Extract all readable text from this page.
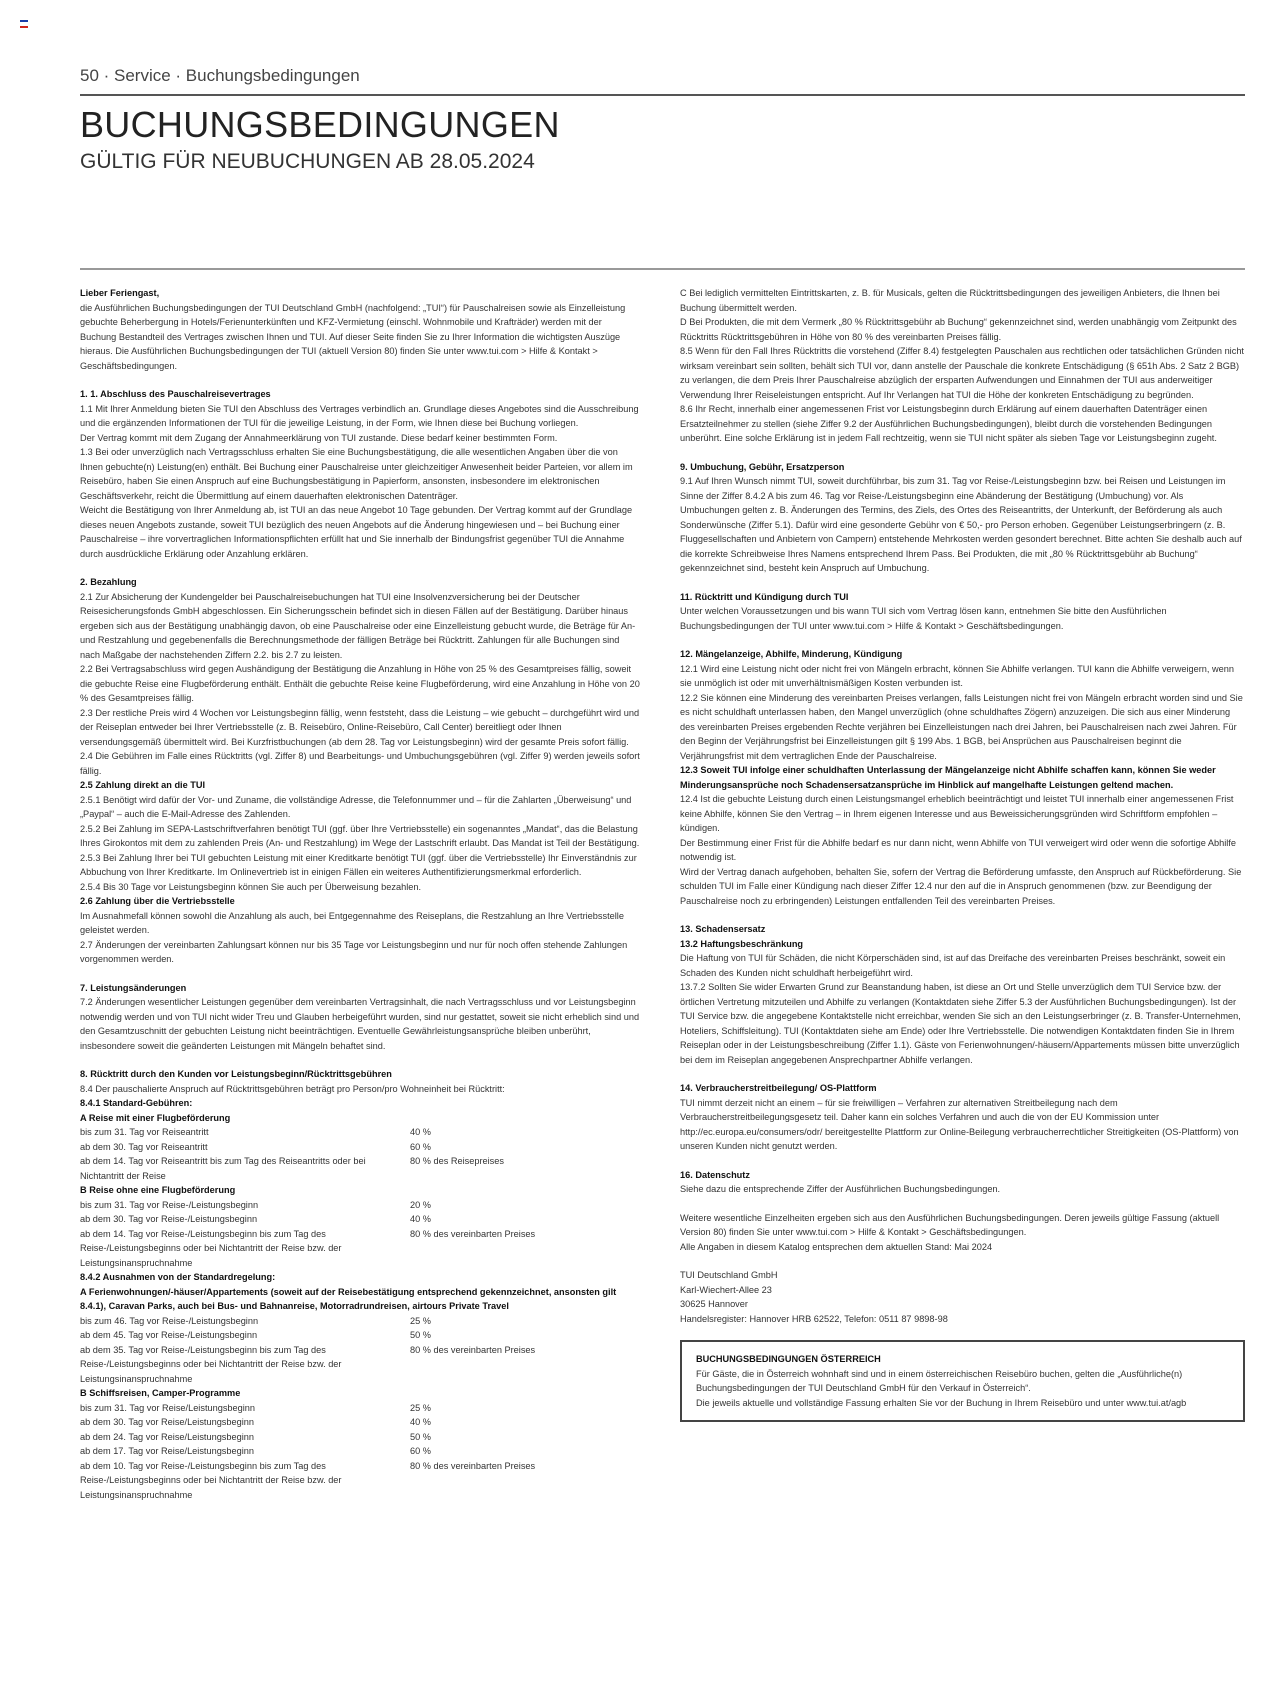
50 · Service · Buchungsbedingungen
BUCHUNGSBEDINGUNGEN
GÜLTIG FÜR NEUBUCHUNGEN AB 28.05.2024

Lieber Feriengast,

die Ausführlichen Buchungsbedingungen der TUI Deutschland GmbH (nachfolgend: „TUI“) für Pauschalreisen sowie als Einzelleistung gebuchte Beherbergung in Hotels/Ferienunterkünften und KFZ-Vermietung (einschl. Wohnmobile und Krafträder) werden mit der Buchung Bestandteil des Vertrages zwischen Ihnen und TUI. Auf dieser Seite finden Sie zu Ihrer Information die wichtigsten Auszüge hieraus. Die Ausführlichen Buchungsbedingungen der TUI (aktuell Version 80) finden Sie unter www.tui.com > Hilfe & Kontakt > Geschäftsbedingungen.

1. 1. Abschluss des Pauschalreisevertrages

1.1 Mit Ihrer Anmeldung bieten Sie TUI den Abschluss des Vertrages verbindlich an. Grundlage dieses Angebotes sind die Ausschreibung und die ergänzenden Informationen der TUI für die jeweilige Leistung, in der Form, wie Ihnen diese bei Buchung vorliegen.

Der Vertrag kommt mit dem Zugang der Annahmeerklärung von TUI zustande. Diese bedarf keiner bestimmten Form.

1.3 Bei oder unverzüglich nach Vertragsschluss erhalten Sie eine Buchungsbestätigung, die alle wesentlichen Angaben über die von Ihnen gebuchte(n) Leistung(en) enthält. Bei Buchung einer Pauschalreise unter gleichzeitiger Anwesenheit beider Parteien, vor allem im Reisebüro, haben Sie einen Anspruch auf eine Buchungsbestätigung in Papierform, ansonsten, insbesondere im elektronischen Geschäftsverkehr, reicht die Übermittlung auf einem dauerhaften elektronischen Datenträger.

Weicht die Bestätigung von Ihrer Anmeldung ab, ist TUI an das neue Angebot 10 Tage gebunden. Der Vertrag kommt auf der Grundlage dieses neuen Angebots zustande, soweit TUI bezüglich des neuen Angebots auf die Änderung hingewiesen und – bei Buchung einer Pauschalreise – ihre vorvertraglichen Informationspflichten erfüllt hat und Sie innerhalb der Bindungsfrist gegenüber TUI die Annahme durch ausdrückliche Erklärung oder Anzahlung erklären.

2. Bezahlung

2.1 Zur Absicherung der Kundengelder bei Pauschalreisebuchungen hat TUI eine Insolvenzversicherung bei der Deutscher Reisesicherungsfonds GmbH abgeschlossen. Ein Sicherungsschein befindet sich in diesen Fällen auf der Bestätigung. Darüber hinaus ergeben sich aus der Bestätigung unabhängig davon, ob eine Pauschalreise oder eine Einzelleistung gebucht wurde, die Beträge für An- und Restzahlung und gegebenenfalls die Berechnungsmethode der fälligen Beträge bei Rücktritt. Zahlungen für alle Buchungen sind nach Maßgabe der nachstehenden Ziffern 2.2. bis 2.7 zu leisten.

2.2 Bei Vertragsabschluss wird gegen Aushändigung der Bestätigung die Anzahlung in Höhe von 25 % des Gesamtpreises fällig, soweit die gebuchte Reise eine Flugbeförderung enthält. Enthält die gebuchte Reise keine Flugbeförderung, wird eine Anzahlung in Höhe von 20 % des Gesamtpreises fällig.

2.3 Der restliche Preis wird 4 Wochen vor Leistungsbeginn fällig, wenn feststeht, dass die Leistung – wie gebucht – durchgeführt wird und der Reiseplan entweder bei Ihrer Vertriebsstelle (z. B. Reisebüro, Online-Reisebüro, Call Center) bereitliegt oder Ihnen versendungsgemäß übermittelt wird. Bei Kurzfristbuchungen (ab dem 28. Tag vor Leistungsbeginn) wird der gesamte Preis sofort fällig.

2.4 Die Gebühren im Falle eines Rücktritts (vgl. Ziffer 8) und Bearbeitungs- und Umbuchungsgebühren (vgl. Ziffer 9) werden jeweils sofort fällig.

2.5 Zahlung direkt an die TUI

2.5.1 Benötigt wird dafür der Vor- und Zuname, die vollständige Adresse, die Telefonnummer und – für die Zahlarten „Überweisung“ und „Paypal“ – auch die E-Mail-Adresse des Zahlenden.

2.5.2 Bei Zahlung im SEPA-Lastschriftverfahren benötigt TUI (ggf. über Ihre Vertriebsstelle) ein sogenanntes „Mandat“, das die Belastung Ihres Girokontos mit dem zu zahlenden Preis (An- und Restzahlung) im Wege der Lastschrift erlaubt. Das Mandat ist Teil der Bestätigung.

2.5.3 Bei Zahlung Ihrer bei TUI gebuchten Leistung mit einer Kreditkarte benötigt TUI (ggf. über die Vertriebsstelle) Ihr Einverständnis zur Abbuchung von Ihrer Kreditkarte. Im Onlinevertrieb ist in einigen Fällen ein weiteres Authentifizierungsmerkmal erforderlich.

2.5.4 Bis 30 Tage vor Leistungsbeginn können Sie auch per Überweisung bezahlen.

2.6 Zahlung über die Vertriebsstelle

Im Ausnahmefall können sowohl die Anzahlung als auch, bei Entgegennahme des Reiseplans, die Restzahlung an Ihre Vertriebsstelle geleistet werden.

2.7 Änderungen der vereinbarten Zahlungsart können nur bis 35 Tage vor Leistungsbeginn und nur für noch offen stehende Zahlungen vorgenommen werden.

7. Leistungsänderungen

7.2 Änderungen wesentlicher Leistungen gegenüber dem vereinbarten Vertragsinhalt, die nach Vertragsschluss und vor Leistungsbeginn notwendig werden und von TUI nicht wider Treu und Glauben herbeigeführt wurden, sind nur gestattet, soweit sie nicht erheblich sind und den Gesamtzuschnitt der gebuchten Leistung nicht beeinträchtigen. Eventuelle Gewährleistungsansprüche bleiben unberührt, insbesondere soweit die geänderten Leistungen mit Mängeln behaftet sind.

8. Rücktritt durch den Kunden vor Leistungsbeginn/Rücktrittsgebühren

8.4 Der pauschalierte Anspruch auf Rücktrittsgebühren beträgt pro Person/pro Wohneinheit bei Rücktritt:

8.4.1 Standard-Gebühren:

A Reise mit einer Flugbeförderung

bis zum 31. Tag vor Reiseantritt	40 %
ab dem 30. Tag vor Reiseantritt	60 %
ab dem 14. Tag vor Reiseantritt bis zum Tag des Reiseantritts oder bei Nichtantritt der Reise
80 % des Reisepreises

B Reise ohne eine Flugbeförderung

bis zum 31. Tag vor Reise-/Leistungsbeginn	20 %
ab dem 30. Tag vor Reise-/Leistungsbeginn	40 %
ab dem 14. Tag vor Reise-/Leistungsbeginn bis zum Tag des Reise-/Leistungsbeginns oder bei Nichtantritt der Reise bzw. der Leistungsinanspruchnahme
80 % des vereinbarten Preises

8.4.2 Ausnahmen von der Standardregelung:

A Ferienwohnungen/-häuser/Appartements (soweit auf der Reisebestätigung entsprechend gekennzeichnet, ansonsten gilt 8.4.1), Caravan Parks, auch bei Bus- und Bahnanreise, Motorradrundreisen, airtours Private Travel

bis zum 46. Tag vor Reise-/Leistungsbeginn	25 %
ab dem 45. Tag vor Reise-/Leistungsbeginn	50 %
ab dem 35. Tag vor Reise-/Leistungsbeginn bis zum Tag des Reise-/Leistungsbeginns oder bei Nichtantritt der Reise bzw. der Leistungsinanspruchnahme
80 % des vereinbarten Preises

B Schiffsreisen, Camper-Programme

bis zum 31. Tag vor Reise/Leistungsbeginn	25 %
ab dem 30. Tag vor Reise/Leistungsbeginn	40 %
ab dem 24. Tag vor Reise/Leistungsbeginn	50 %
ab dem 17. Tag vor Reise/Leistungsbeginn	60 %
ab dem 10. Tag vor Reise-/Leistungsbeginn bis zum Tag des Reise-/Leistungsbeginns oder bei Nichtantritt der Reise bzw. der Leistungsinanspruchnahme
80 % des vereinbarten Preises

C Bei lediglich vermittelten Eintrittskarten, z. B. für Musicals, gelten die Rücktrittsbedingungen des jeweiligen Anbieters, die Ihnen bei Buchung übermittelt werden.

D Bei Produkten, die mit dem Vermerk „80 % Rücktrittsgebühr ab Buchung“ gekennzeichnet sind, werden unabhängig vom Zeitpunkt des Rücktritts Rücktrittsgebühren in Höhe von 80 % des vereinbarten Preises fällig.

8.5 Wenn für den Fall Ihres Rücktritts die vorstehend (Ziffer 8.4) festgelegten Pauschalen aus rechtlichen oder tatsächlichen Gründen nicht wirksam vereinbart sein sollten, behält sich TUI vor, dann anstelle der Pauschale die konkrete Entschädigung (§ 651h Abs. 2 Satz 2 BGB) zu verlangen, die dem Preis Ihrer Pauschalreise abzüglich der ersparten Aufwendungen und Einnahmen der TUI aus anderweitiger Verwendung Ihrer Reiseleistungen entspricht. Auf Ihr Verlangen hat TUI die Höhe der konkreten Entschädigung zu begründen.

8.6 Ihr Recht, innerhalb einer angemessenen Frist vor Leistungsbeginn durch Erklärung auf einem dauerhaften Datenträger einen Ersatzteilnehmer zu stellen (siehe Ziffer 9.2 der Ausführlichen Buchungsbedingungen), bleibt durch die vorstehenden Bedingungen unberührt. Eine solche Erklärung ist in jedem Fall rechtzeitig, wenn sie TUI nicht später als sieben Tage vor Leistungsbeginn zugeht.

9. Umbuchung, Gebühr, Ersatzperson

9.1 Auf Ihren Wunsch nimmt TUI, soweit durchführbar, bis zum 31. Tag vor Reise-/Leistungsbeginn bzw. bei Reisen und Leistungen im Sinne der Ziffer 8.4.2 A bis zum 46. Tag vor Reise-/Leistungsbeginn eine Abänderung der Bestätigung (Umbuchung) vor. Als Umbuchungen gelten z. B. Änderungen des Termins, des Ziels, des Ortes des Reiseantritts, der Unterkunft, der Beförderung als auch Sonderwünsche (Ziffer 5.1). Dafür wird eine gesonderte Gebühr von € 50,- pro Person erhoben. Gegenüber Leistungserbringern (z. B. Fluggesellschaften und Anbietern von Campern) entstehende Mehrkosten werden gesondert berechnet. Bitte achten Sie deshalb auch auf die korrekte Schreibweise Ihres Namens entsprechend Ihrem Pass. Bei Produkten, die mit „80 % Rücktrittsgebühr ab Buchung“ gekennzeichnet sind, besteht kein Anspruch auf Umbuchung.

11. Rücktritt und Kündigung durch TUI

Unter welchen Voraussetzungen und bis wann TUI sich vom Vertrag lösen kann, entnehmen Sie bitte den Ausführlichen Buchungsbedingungen der TUI unter www.tui.com > Hilfe & Kontakt > Geschäftsbedingungen.

12. Mängelanzeige, Abhilfe, Minderung, Kündigung

12.1 Wird eine Leistung nicht oder nicht frei von Mängeln erbracht, können Sie Abhilfe verlangen. TUI kann die Abhilfe verweigern, wenn sie unmöglich ist oder mit unverhältnismäßigen Kosten verbunden ist.

12.2 Sie können eine Minderung des vereinbarten Preises verlangen, falls Leistungen nicht frei von Mängeln erbracht worden sind und Sie es nicht schuldhaft unterlassen haben, den Mangel unverzüglich (ohne schuldhaftes Zögern) anzuzeigen. Die sich aus einer Minderung des vereinbarten Preises ergebenden Rechte verjähren bei Einzelleistungen nach drei Jahren, bei Pauschalreisen nach zwei Jahren. Für den Beginn der Verjährungsfrist bei Einzelleistungen gilt § 199 Abs. 1 BGB, bei Ansprüchen aus Pauschalreisen beginnt die Verjährungsfrist mit dem vertraglichen Ende der Pauschalreise.

12.3 Soweit TUI infolge einer schuldhaften Unterlassung der Mängelanzeige nicht Abhilfe schaffen kann, können Sie weder Minderungsansprüche noch Schadensersatzansprüche im Hinblick auf mangelhafte Leistungen geltend machen.

12.4 Ist die gebuchte Leistung durch einen Leistungsmangel erheblich beeinträchtigt und leistet TUI innerhalb einer angemessenen Frist keine Abhilfe, können Sie den Vertrag – in Ihrem eigenen Interesse und aus Beweissicherungsgründen wird Schriftform empfohlen – kündigen.

Der Bestimmung einer Frist für die Abhilfe bedarf es nur dann nicht, wenn Abhilfe von TUI verweigert wird oder wenn die sofortige Abhilfe notwendig ist.

Wird der Vertrag danach aufgehoben, behalten Sie, sofern der Vertrag die Beförderung umfasste, den Anspruch auf Rückbeförderung. Sie schulden TUI im Falle einer Kündigung nach dieser Ziffer 12.4 nur den auf die in Anspruch genommenen (bzw. zur Beendigung der Pauschalreise noch zu erbringenden) Leistungen entfallenden Teil des vereinbarten Preises.

13. Schadensersatz

13.2 Haftungsbeschränkung

Die Haftung von TUI für Schäden, die nicht Körperschäden sind, ist auf das Dreifache des vereinbarten Preises beschränkt, soweit ein Schaden des Kunden nicht schuldhaft herbeigeführt wird.

13.7.2 Sollten Sie wider Erwarten Grund zur Beanstandung haben, ist diese an Ort und Stelle unverzüglich dem TUI Service bzw. der örtlichen Vertretung mitzuteilen und Abhilfe zu verlangen (Kontaktdaten siehe Ziffer 5.3 der Ausführlichen Buchungsbedingungen). Ist der TUI Service bzw. die angegebene Kontaktstelle nicht erreichbar, wenden Sie sich an den Leistungserbringer (z. B. Transfer-Unternehmen, Hoteliers, Schiffsleitung). TUI (Kontaktdaten siehe am Ende) oder Ihre Vertriebsstelle. Die notwendigen Kontaktdaten finden Sie in Ihrem Reiseplan oder in der Leistungsbeschreibung (Ziffer 1.1). Gäste von Ferienwohnungen/-häusern/Appartements müssen bitte unverzüglich bei dem im Reiseplan angegebenen Ansprechpartner Abhilfe verlangen.

14. Verbraucherstreitbeilegung/ OS-Plattform

TUI nimmt derzeit nicht an einem – für sie freiwilligen – Verfahren zur alternativen Streitbeilegung nach dem Verbraucherstreitbeilegungsgesetz teil. Daher kann ein solches Verfahren und auch die von der EU Kommission unter http://ec.europa.eu/consumers/odr/ bereitgestellte Plattform zur Online-Beilegung verbraucherrechtlicher Streitigkeiten (OS-Plattform) von unseren Kunden nicht genutzt werden.

16. Datenschutz

Siehe dazu die entsprechende Ziffer der Ausführlichen Buchungsbedingungen.

Weitere wesentliche Einzelheiten ergeben sich aus den Ausführlichen Buchungsbedingungen. Deren jeweils gültige Fassung (aktuell Version 80) finden Sie unter www.tui.com > Hilfe & Kontakt > Geschäftsbedingungen.

Alle Angaben in diesem Katalog entsprechen dem aktuellen Stand: Mai 2024

TUI Deutschland GmbH

Karl-Wiechert-Allee 23

30625 Hannover

Handelsregister: Hannover HRB 62522, Telefon: 0511 87 9898-98

BUCHUNGSBEDINGUNGEN ÖSTERREICH

Für Gäste, die in Österreich wohnhaft sind und in einem österreichischen Reisebüro buchen, gelten die „Ausführliche(n) Buchungsbedingungen der TUI Deutschland GmbH für den Verkauf in Österreich“.

Die jeweils aktuelle und vollständige Fassung erhalten Sie vor der Buchung in Ihrem Reisebüro und unter www.tui.at/agb
